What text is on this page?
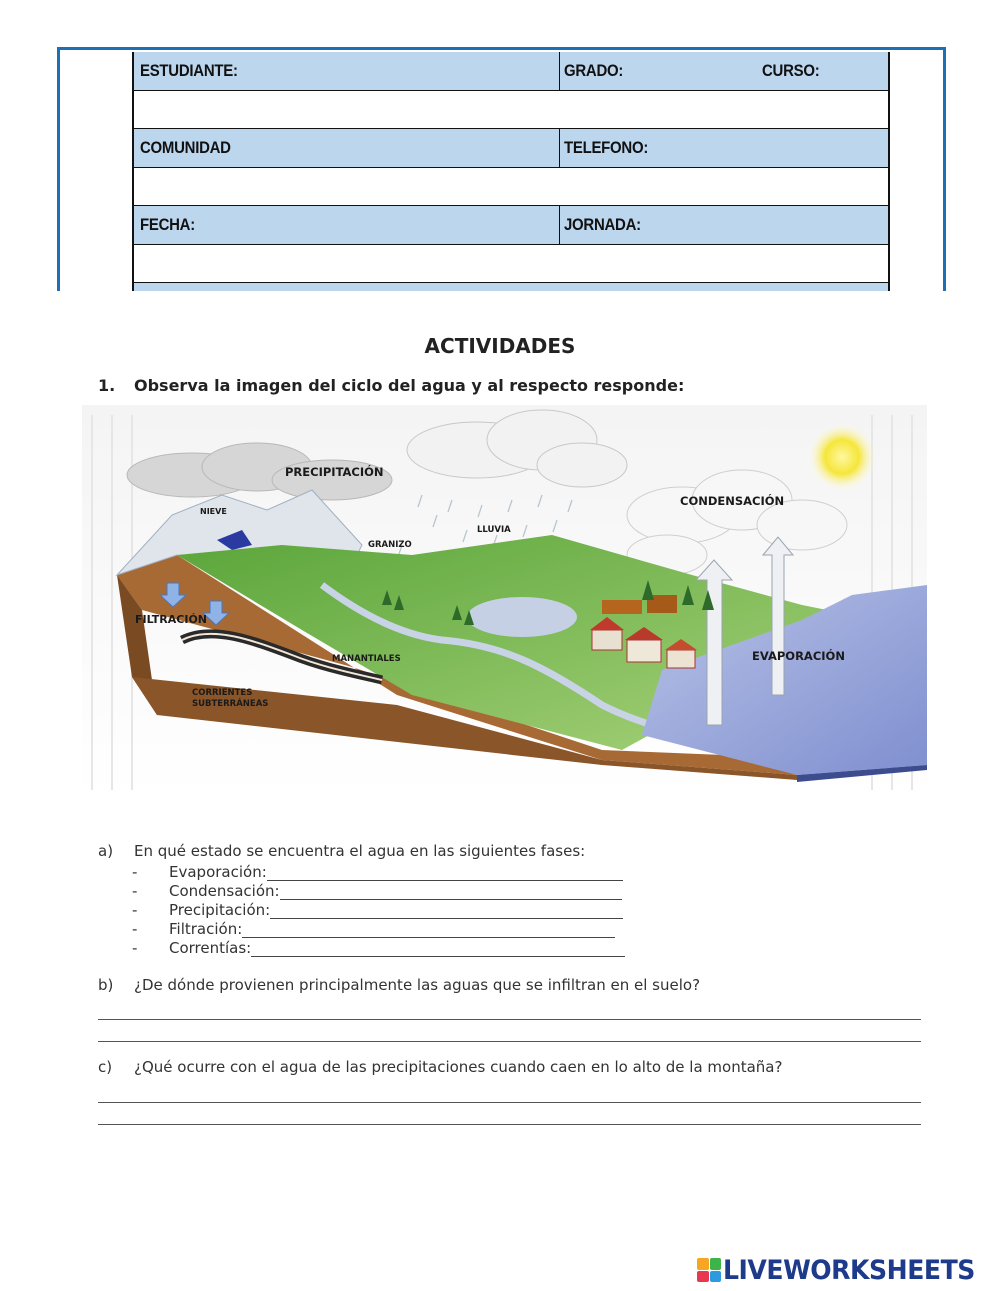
ESTUDIANTE:	GRADO:	CURSO:
COMUNIDAD	TELEFONO:
FECHA:	JORNADA:
ACTIVIDADES
1. Observa la imagen del ciclo del agua y al respecto responde:
PRECIPITACIÓN
NIEVE
LLUVIA
GRANIZO
CONDENSACIÓN
FILTRACIÓN
MANANTIALES	EVAPORACIÓN
CORRIENTES
SUBTERRÁNEAS
a) En qué estado se encuentra el agua en las siguientes fases:
-	Evaporación:
-	Condensación:
-	Precipitación:
-	Filtración:
-	Correntías:
b) ¿De dónde provienen principalmente las aguas que se infiltran en el suelo?
c) ¿Qué ocurre con el agua de las precipitaciones cuando caen en lo alto de la montaña?
LIVEWORKSHEETS
